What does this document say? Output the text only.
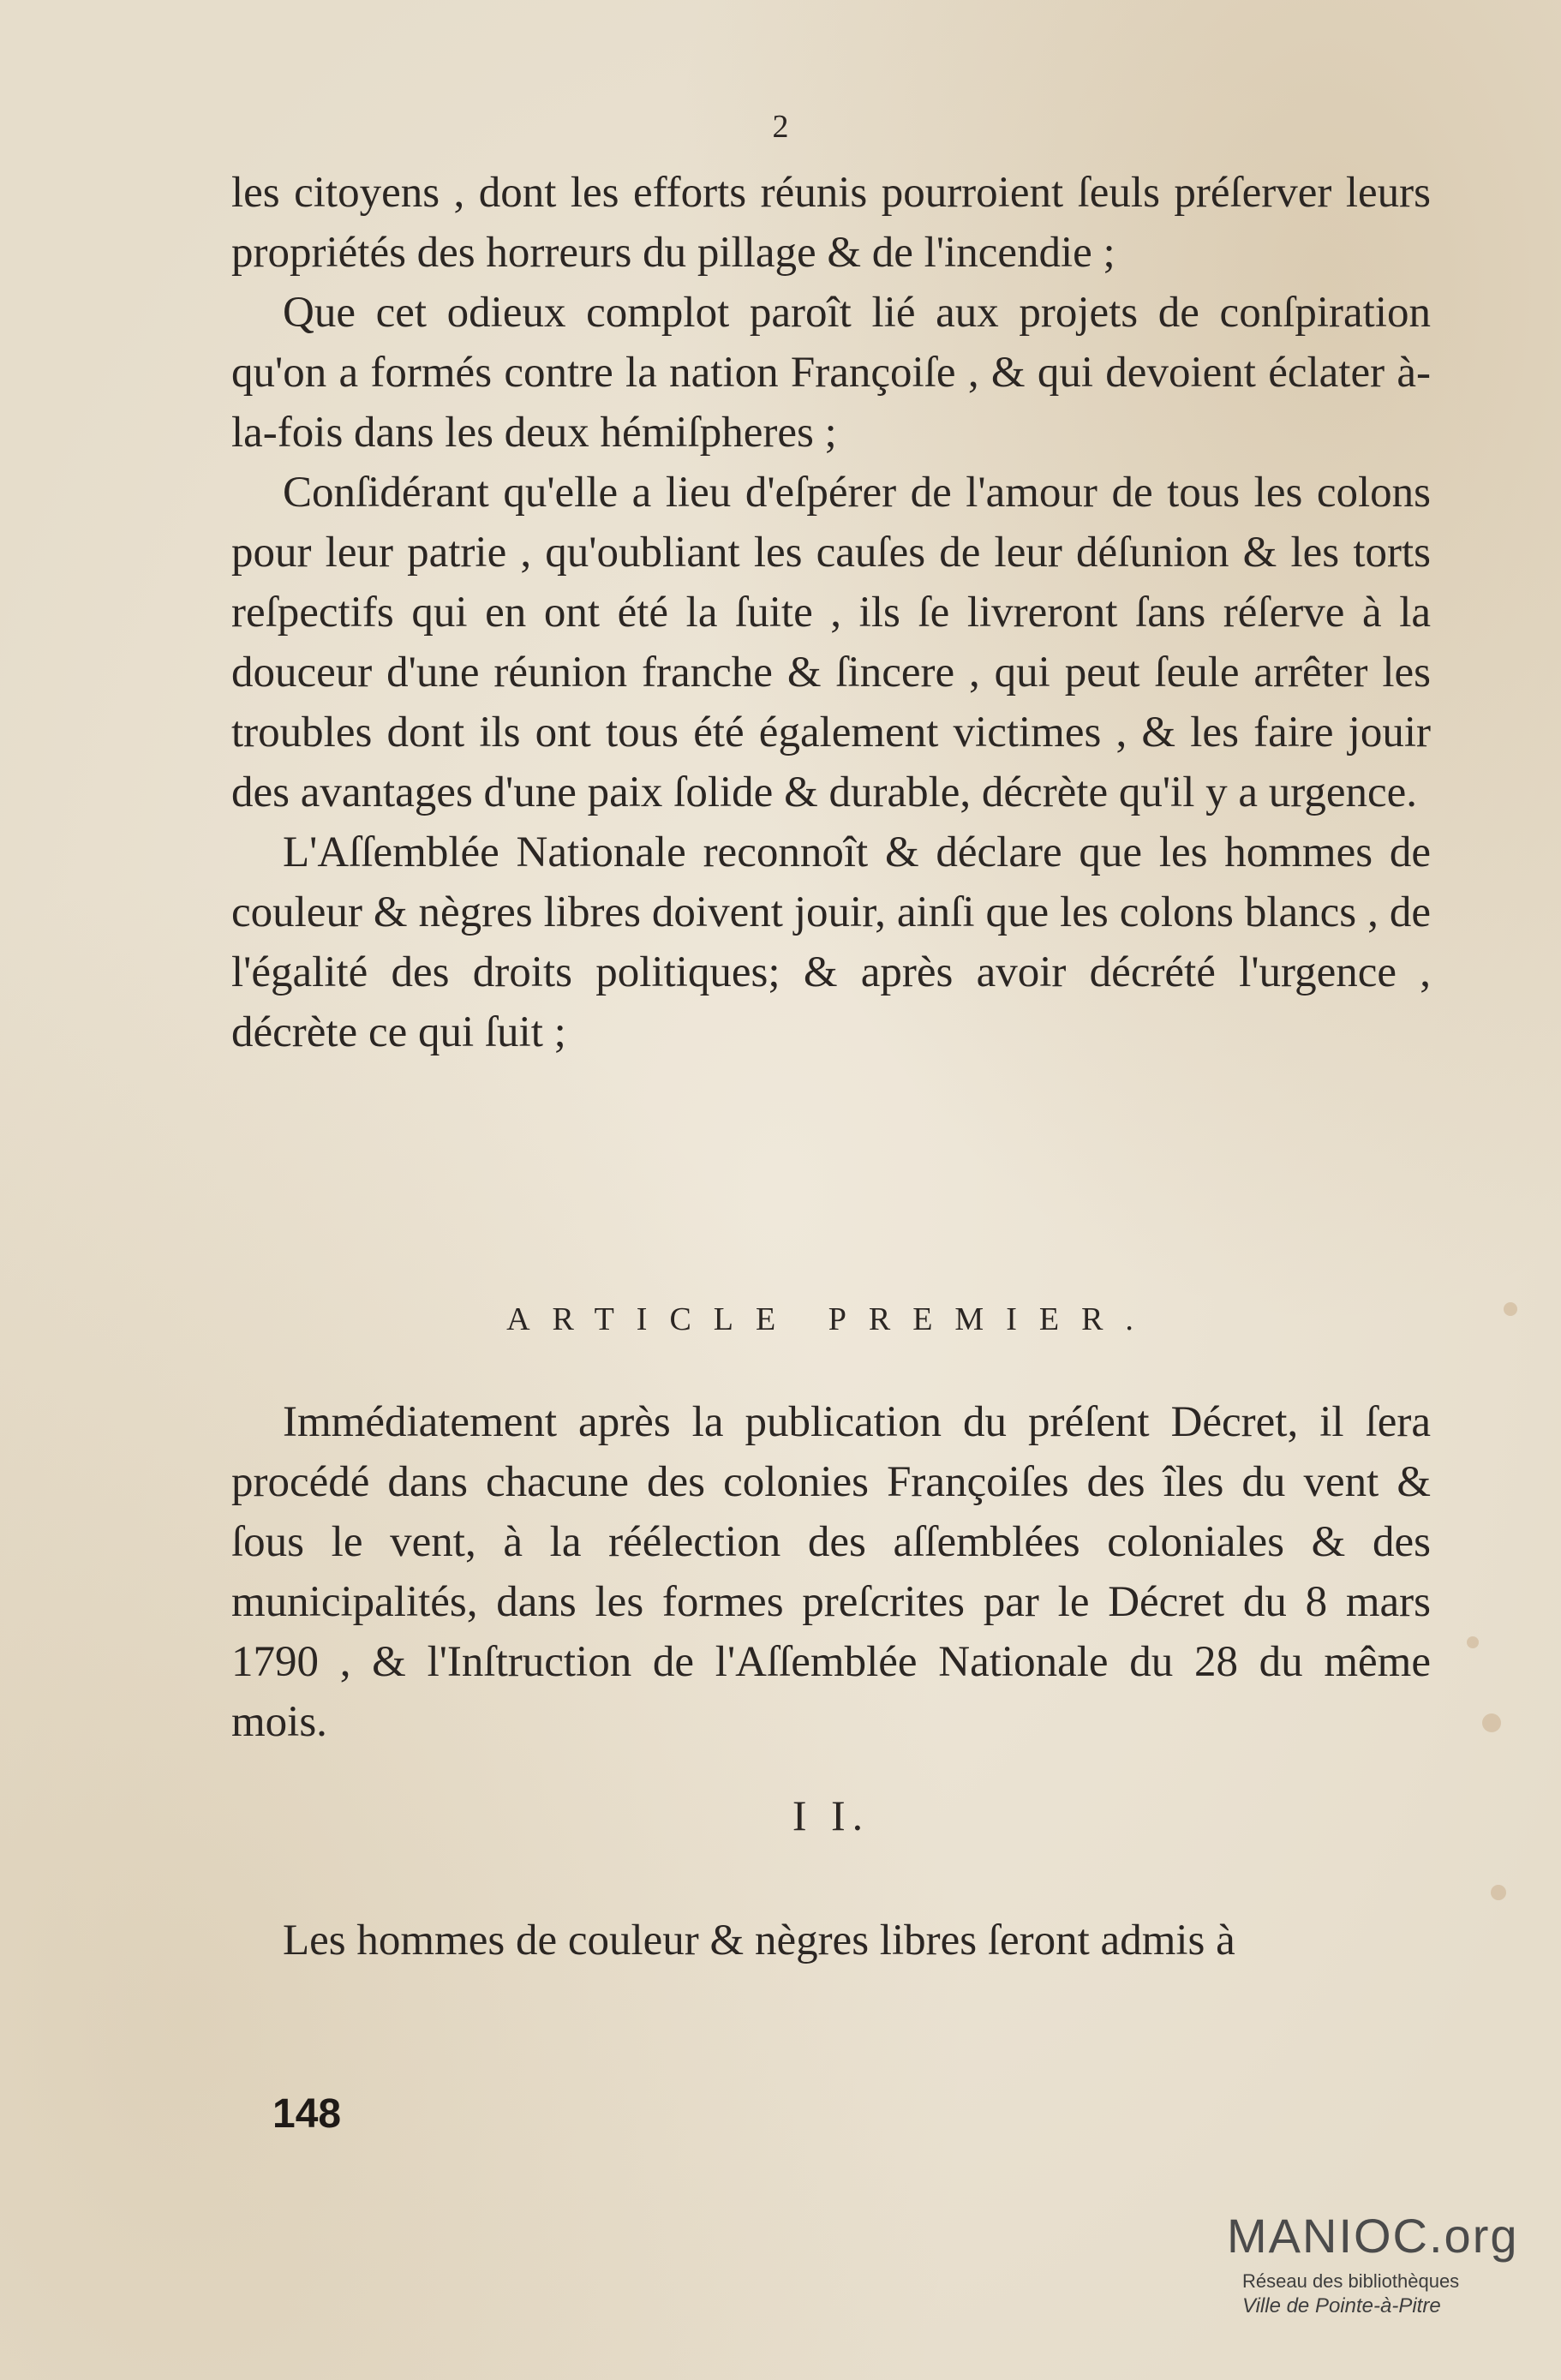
2

les citoyens , dont les efforts réunis pourroient ſeuls préſerver leurs propriétés des horreurs du pillage & de l'incendie ;

Que cet odieux complot paroît lié aux projets de conſpiration qu'on a formés contre la nation Françoiſe , & qui devoient éclater à-la-fois dans les deux hémiſpheres ;

Conſidérant qu'elle a lieu d'eſpérer de l'amour de tous les colons pour leur patrie , qu'oubliant les cauſes de leur déſunion & les torts reſpectifs qui en ont été la ſuite , ils ſe livreront ſans réſerve à la douceur d'une réunion franche & ſincere , qui peut ſeule arrêter les troubles dont ils ont tous été également victimes , & les faire jouir des avantages d'une paix ſolide & durable, décrète qu'il y a urgence.

L'Aſſemblée Nationale reconnoît & déclare que les hommes de couleur & nègres libres doivent jouir, ainſi que les colons blancs , de l'égalité des droits politiques; & après avoir décrété l'urgence , décrète ce qui ſuit ;

ARTICLE PREMIER.

Immédiatement après la publication du préſent Décret, il ſera procédé dans chacune des colonies Françoiſes des îles du vent & ſous le vent, à la réélection des aſſemblées coloniales & des municipalités, dans les formes preſcrites par le Décret du 8 mars 1790 , & l'Inſtruction de l'Aſſemblée Nationale du 28 du même mois.

I I.

Les hommes de couleur & nègres libres ſeront admis à

148
MANIOC.org
Réseau des bibliothèques
Ville de Pointe-à-Pitre
